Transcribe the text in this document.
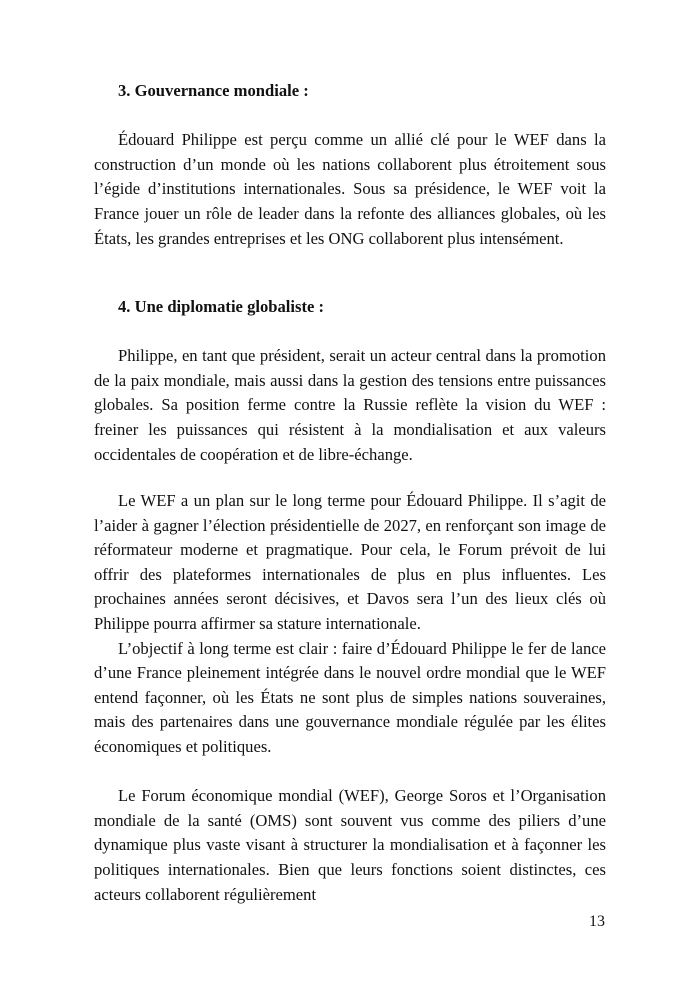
3. Gouvernance mondiale :

Édouard Philippe est perçu comme un allié clé pour le WEF dans la construction d’un monde où les nations collaborent plus étroitement sous l’égide d’institutions internationales. Sous sa présidence, le WEF voit la France jouer un rôle de leader dans la refonte des alliances globales, où les États, les grandes entreprises et les ONG collaborent plus intensément.

4. Une diplomatie globaliste :

Philippe, en tant que président, serait un acteur central dans la promotion de la paix mondiale, mais aussi dans la gestion des tensions entre puissances globales. Sa position ferme contre la Russie reflète la vision du WEF : freiner les puissances qui résistent à la mondialisation et aux valeurs occidentales de coopération et de libre-échange.

Le WEF a un plan sur le long terme pour Édouard Philippe. Il s’agit de l’aider à gagner l’élection présidentielle de 2027, en renforçant son image de réformateur moderne et pragmatique. Pour cela, le Forum prévoit de lui offrir des plateformes internationales de plus en plus influentes. Les prochaines années seront décisives, et Davos sera l’un des lieux clés où Philippe pourra affirmer sa stature internationale.

L’objectif à long terme est clair : faire d’Édouard Philippe le fer de lance d’une France pleinement intégrée dans le nouvel ordre mondial que le WEF entend façonner, où les États ne sont plus de simples nations souveraines, mais des partenaires dans une gouvernance mondiale régulée par les élites économiques et politiques.

Le Forum économique mondial (WEF), George Soros et l’Organisation mondiale de la santé (OMS) sont souvent vus comme des piliers d’une dynamique plus vaste visant à structurer la mondialisation et à façonner les politiques internationales. Bien que leurs fonctions soient distinctes, ces acteurs collaborent régulièrement

13
